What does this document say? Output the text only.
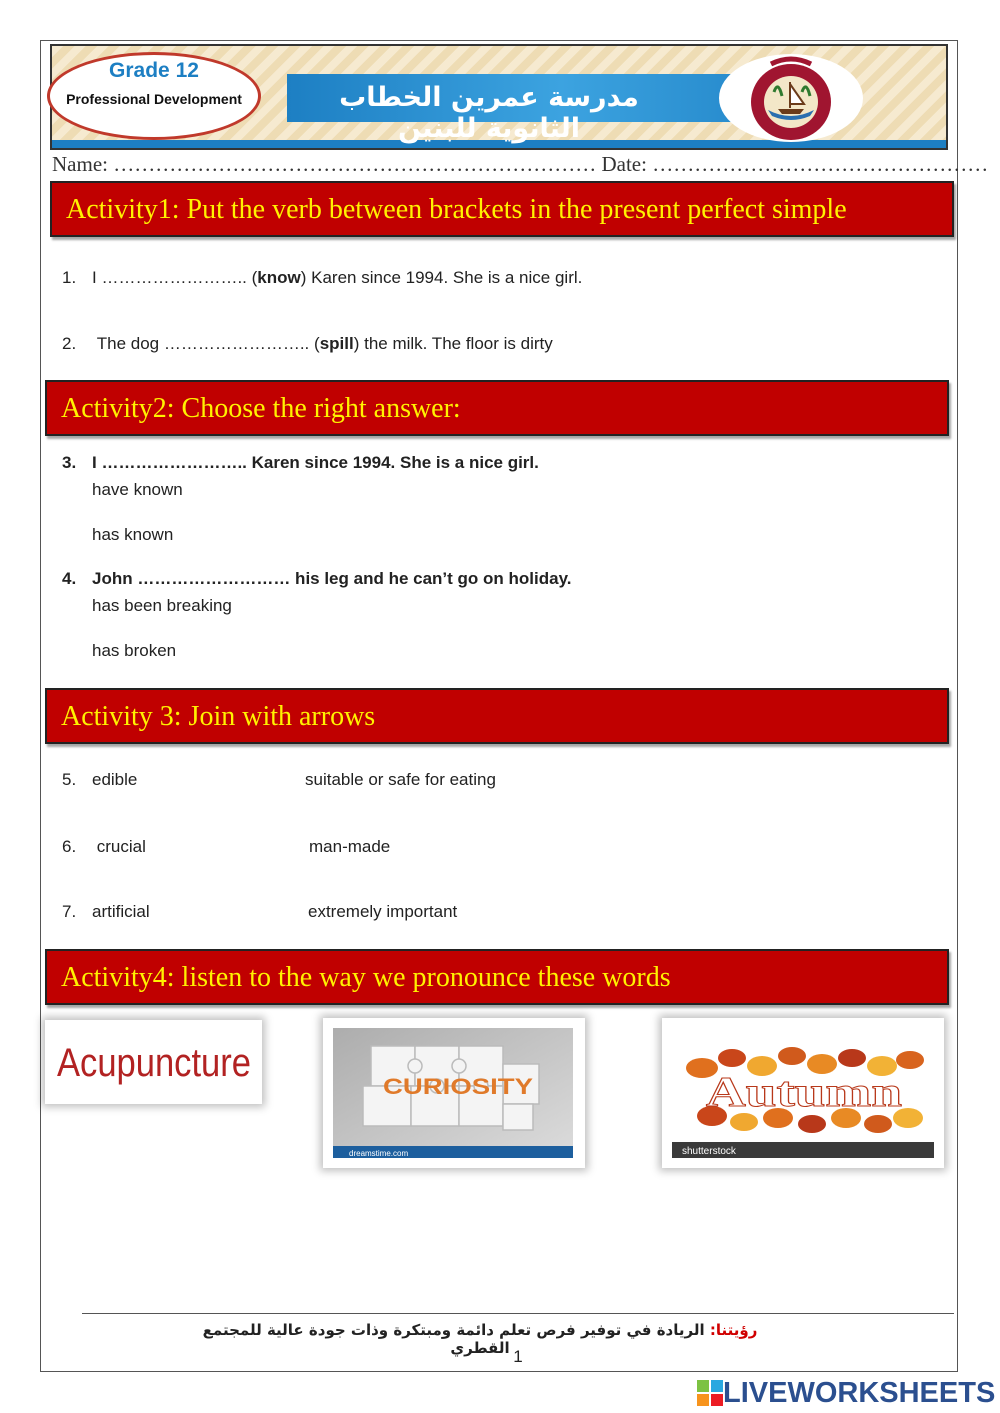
Grade 12
Professional Development	مدرسة عمرين الخطاب الثانوية للبنين
Name: …………………………………………………………… Date: …………………………………………
Activity1: Put the verb between brackets in the present perfect simple
1. I …………………….. (know) Karen since 1994. She is a nice girl.
2. The dog …………………….. (spill) the milk. The floor is dirty
Activity2: Choose the right answer:
3. I …………………….. Karen since 1994. She is a nice girl.
have known
has known
4. John ……………………… his leg and he can’t go on holiday.
has been breaking
has broken
Activity 3: Join with arrows
5. edible	suitable or safe for eating
6. crucial	man-made
7. artificial	extremely important
Activity4: listen to the way we pronounce these words
Acupuncture
CURIOSITY
dreamstime.com
Autumn
shutterstock
رؤيتنا: الريادة في توفير فرص تعلم دائمة ومبتكرة وذات جودة عالية للمجتمع القطري 1
LIVEWORKSHEETS
